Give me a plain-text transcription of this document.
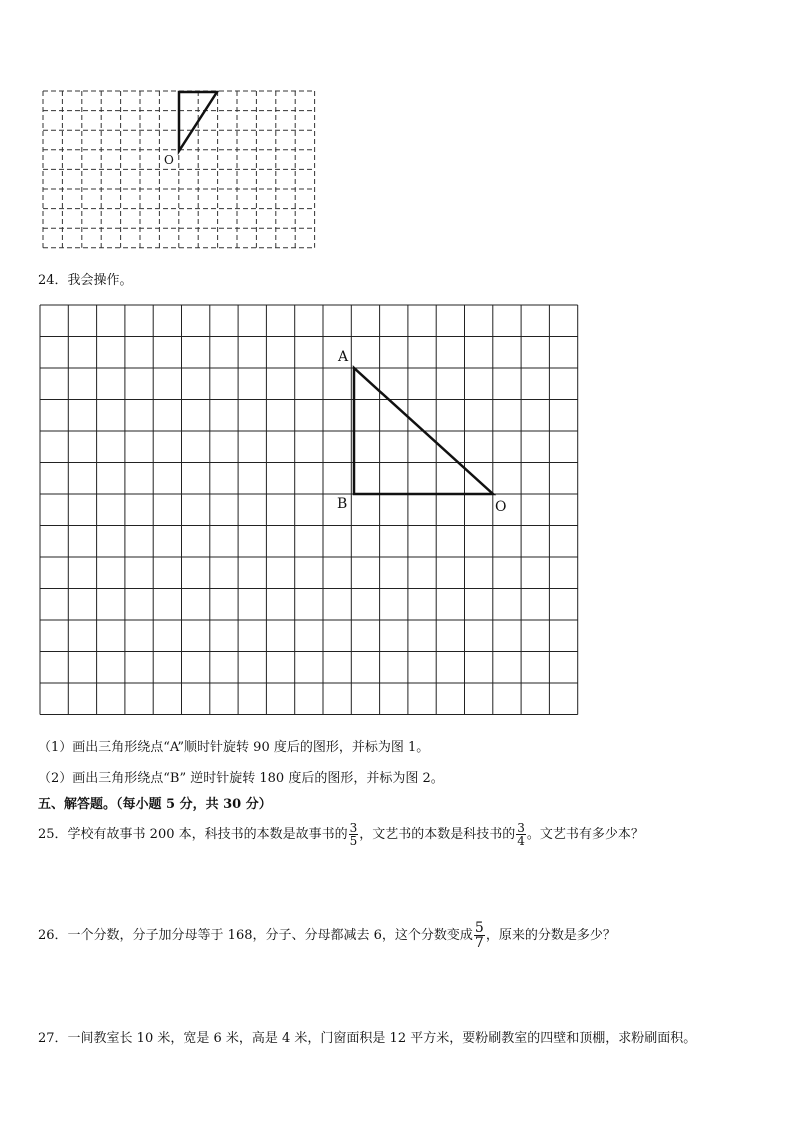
O
24．我会操作。
A
B	O
（1）画出三角形绕点“A”顺时针旋转 90 度后的图形，并标为图 1。
（2）画出三角形绕点“B” 逆时针旋转 180 度后的图形，并标为图 2。
五、解答题。（每小题 5 分，共 30 分）
25．学校有故事书 200 本，科技书的本数是故事书的 $\frac{3}{5}$ ，文艺书的本数是科技书的 $\frac{3}{4}$ 。文艺书有多少本？
26．一个分数，分子加分母等于 168，分子、分母都减去 6，这个分数变成 $\frac{5}{7}$ ，原来的分数是多少？
27．一间教室长 10 米，宽是 6 米，高是 4 米，门窗面积是 12 平方米，要粉刷教室的四壁和顶棚，求粉刷面积。
